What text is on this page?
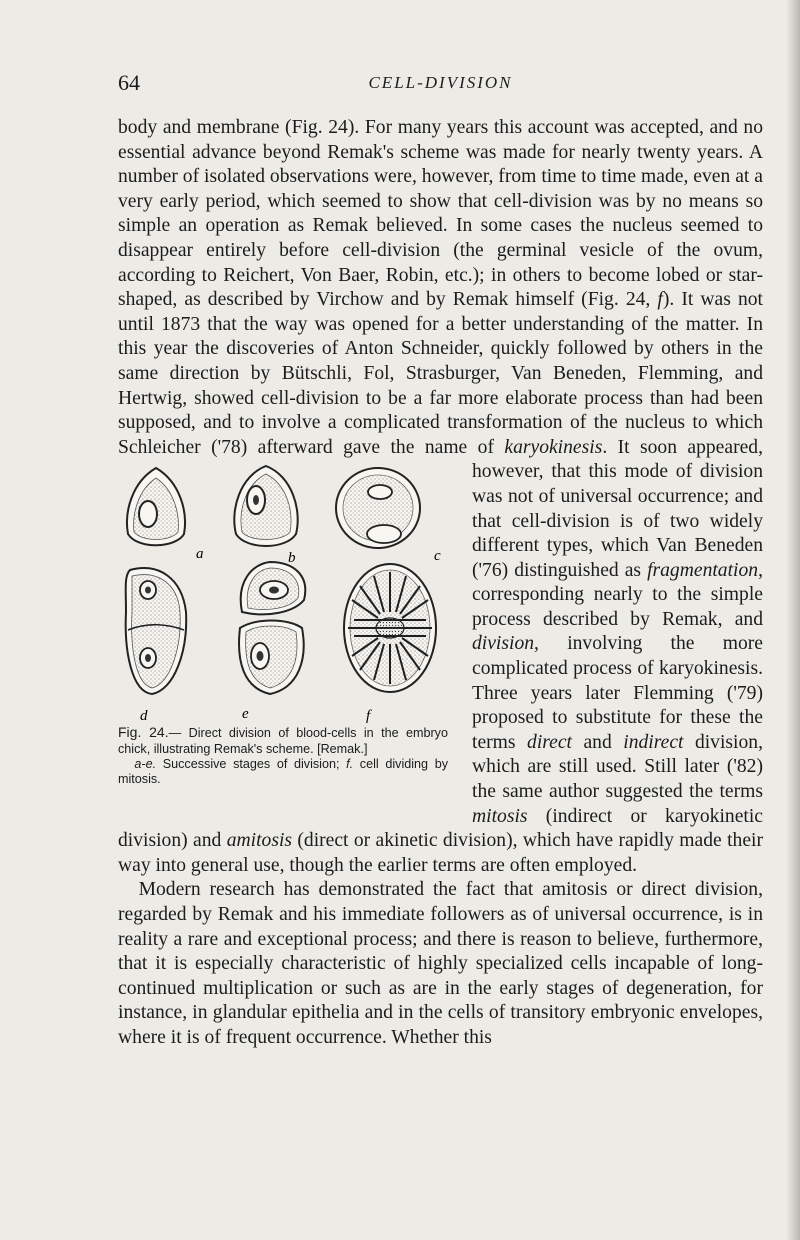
64	CELL-DIVISION

body and membrane (Fig. 24). For many years this account was accepted, and no essential advance beyond Remak's scheme was made for nearly twenty years. A number of isolated observations were, however, from time to time made, even at a very early period, which seemed to show that cell-division was by no means so simple an operation as Remak believed. In some cases the nucleus seemed to disappear entirely before cell-division (the germinal vesicle of the ovum, according to Reichert, Von Baer, Robin, etc.); in others to become lobed or star-shaped, as described by Virchow and by Remak himself (Fig. 24, f). It was not until 1873 that the way was opened for a better understanding of the matter. In this year the discoveries of Anton Schneider, quickly followed by others in the same direction by Bütschli, Fol, Strasburger, Van Beneden, Flemming, and Hertwig, showed cell-division to be a far more elaborate process than had been supposed, and to involve a complicated transformation of the nucleus to which Schleicher ('78) afterward gave the name of
a	b	c
d	e	f
Fig. 24.— Direct division of blood-cells in the embryo chick, illustrating Remak's scheme. [Remak.]
a-e. Successive stages of division; f. cell dividing by mitosis.
karyokinesis. It soon appeared, however, that this mode of division was not of universal occurrence; and that cell-division is of two widely different types, which Van Beneden ('76) distinguished as fragmentation, corresponding nearly to the simple process described by Remak, and division, involving the more complicated process of karyokinesis. Three years later Flemming ('79) proposed to substitute for these the terms direct and indirect division, which are still used. Still later ('82) the same author suggested the terms mitosis (indirect or karyokinetic division) and amitosis (direct or akinetic division), which have rapidly made their way into general use, though the earlier terms are often employed.

Modern research has demonstrated the fact that amitosis or direct division, regarded by Remak and his immediate followers as of universal occurrence, is in reality a rare and exceptional process; and there is reason to believe, furthermore, that it is especially characteristic of highly specialized cells incapable of long-continued multiplication or such as are in the early stages of degeneration, for instance, in glandular epithelia and in the cells of transitory embryonic envelopes, where it is of frequent occurrence. Whether this
